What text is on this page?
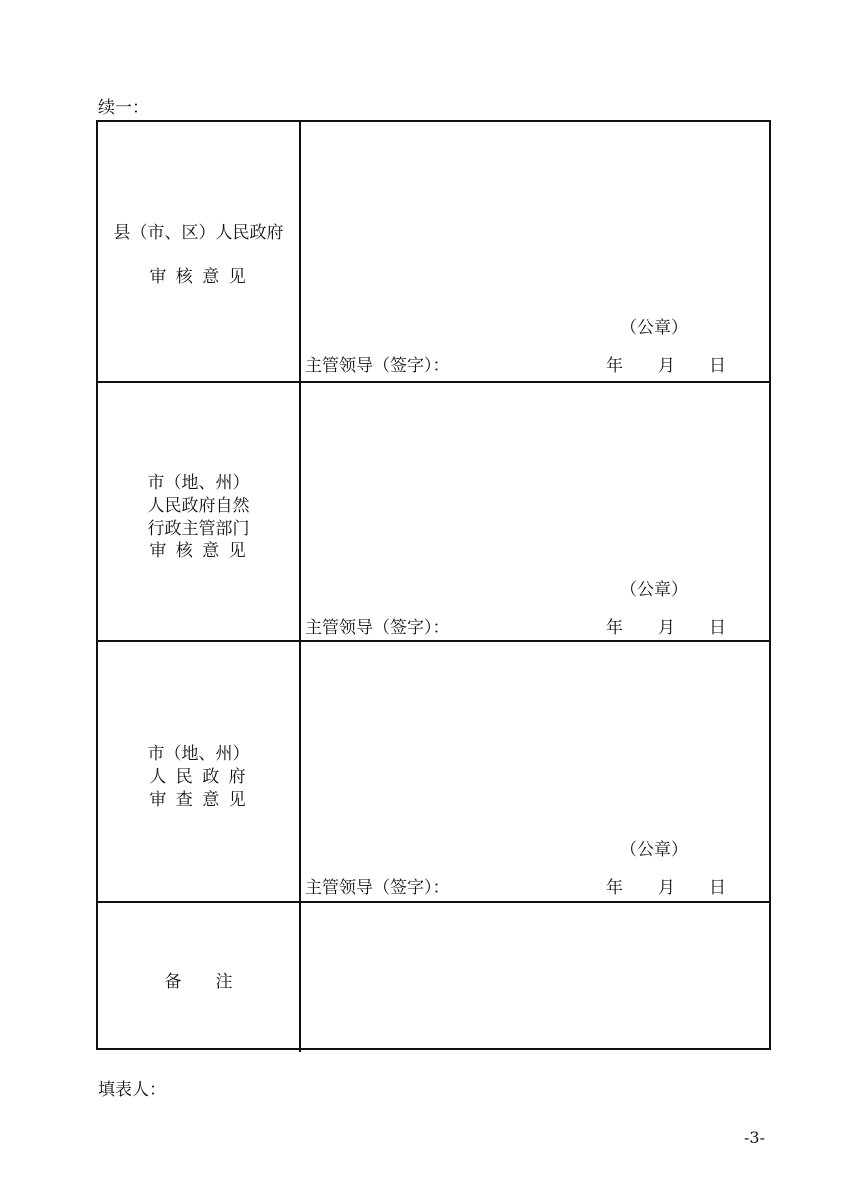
续一：
县（市、区）人民政府
审 核 意 见
（公章）
主管领导（签字）：	年 月 日
市（地、州）
人民政府自然
行政主管部门
审 核 意 见
（公章）
主管领导（签字）：	年 月 日
市（地、州）
人 民 政 府
审 查 意 见
（公章）
主管领导（签字）：	年 月 日
备　　注
填表人：
-3-
